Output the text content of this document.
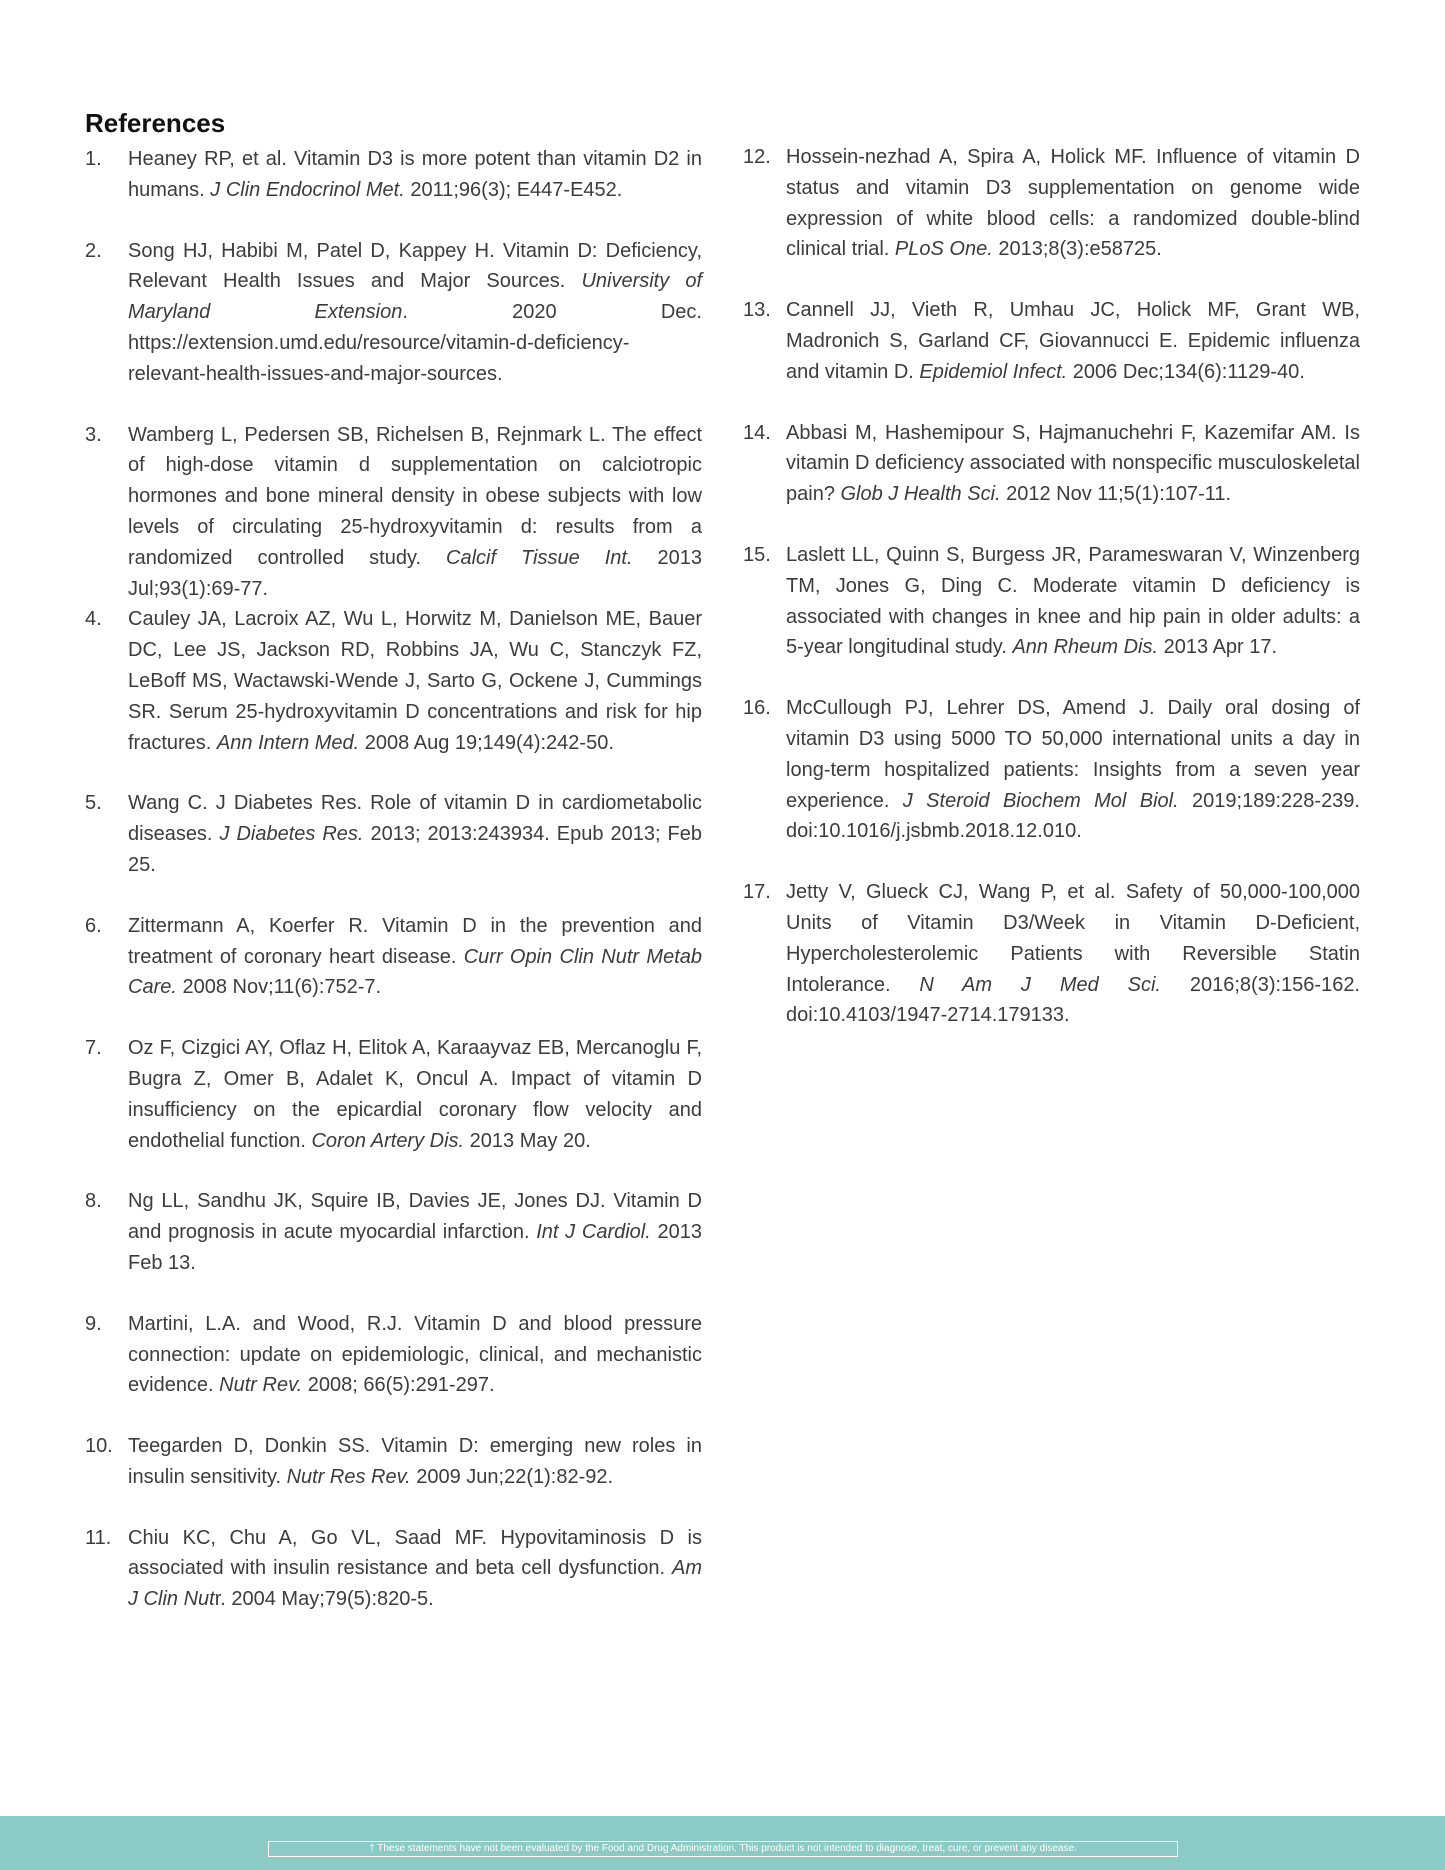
References

1. Heaney RP, et al. Vitamin D3 is more potent than vitamin D2 in humans. J Clin Endocrinol Met. 2011;96(3); E447-E452.

2. Song HJ, Habibi M, Patel D, Kappey H. Vitamin D: Deficiency, Relevant Health Issues and Major Sources. University of Maryland Extension. 2020 Dec. https://extension.umd.edu/resource/vitamin-d-deficiency-relevant-health-issues-and-major-sources.

3. Wamberg L, Pedersen SB, Richelsen B, Rejnmark L. The effect of high-dose vitamin d supplementation on calciotropic hormones and bone mineral density in obese subjects with low levels of circulating 25-hydroxyvitamin d: results from a randomized controlled study. Calcif Tissue Int. 2013 Jul;93(1):69-77.

4. Cauley JA, Lacroix AZ, Wu L, Horwitz M, Danielson ME, Bauer DC, Lee JS, Jackson RD, Robbins JA, Wu C, Stanczyk FZ, LeBoff MS, Wactawski-Wende J, Sarto G, Ockene J, Cummings SR. Serum 25-hydroxyvitamin D concentrations and risk for hip fractures. Ann Intern Med. 2008 Aug 19;149(4):242-50.

5. Wang C. J Diabetes Res. Role of vitamin D in cardiometabolic diseases. J Diabetes Res. 2013; 2013:243934. Epub 2013; Feb 25.

6. Zittermann A, Koerfer R. Vitamin D in the prevention and treatment of coronary heart disease. Curr Opin Clin Nutr Metab Care. 2008 Nov;11(6):752-7.

7. Oz F, Cizgici AY, Oflaz H, Elitok A, Karaayvaz EB, Mercanoglu F, Bugra Z, Omer B, Adalet K, Oncul A. Impact of vitamin D insufficiency on the epicardial coronary flow velocity and endothelial function. Coron Artery Dis. 2013 May 20.

8. Ng LL, Sandhu JK, Squire IB, Davies JE, Jones DJ. Vitamin D and prognosis in acute myocardial infarction. Int J Cardiol. 2013 Feb 13.

9. Martini, L.A. and Wood, R.J. Vitamin D and blood pressure connection: update on epidemiologic, clinical, and mechanistic evidence. Nutr Rev. 2008; 66(5):291-297.

10. Teegarden D, Donkin SS. Vitamin D: emerging new roles in insulin sensitivity. Nutr Res Rev. 2009 Jun;22(1):82-92.

11. Chiu KC, Chu A, Go VL, Saad MF. Hypovitaminosis D is associated with insulin resistance and beta cell dysfunction. Am J Clin Nutr. 2004 May;79(5):820-5.

12. Hossein-nezhad A, Spira A, Holick MF. Influence of vitamin D status and vitamin D3 supplementation on genome wide expression of white blood cells: a randomized double-blind clinical trial. PLoS One. 2013;8(3):e58725.

13. Cannell JJ, Vieth R, Umhau JC, Holick MF, Grant WB, Madronich S, Garland CF, Giovannucci E. Epidemic influenza and vitamin D. Epidemiol Infect. 2006 Dec;134(6):1129-40.

14. Abbasi M, Hashemipour S, Hajmanuchehri F, Kazemifar AM. Is vitamin D deficiency associated with nonspecific musculoskeletal pain? Glob J Health Sci. 2012 Nov 11;5(1):107-11.

15. Laslett LL, Quinn S, Burgess JR, Parameswaran V, Winzenberg TM, Jones G, Ding C. Moderate vitamin D deficiency is associated with changes in knee and hip pain in older adults: a 5-year longitudinal study. Ann Rheum Dis. 2013 Apr 17.

16. McCullough PJ, Lehrer DS, Amend J. Daily oral dosing of vitamin D3 using 5000 TO 50,000 international units a day in long-term hospitalized patients: Insights from a seven year experience. J Steroid Biochem Mol Biol. 2019;189:228-239. doi:10.1016/j.jsbmb.2018.12.010.

17. Jetty V, Glueck CJ, Wang P, et al. Safety of 50,000-100,000 Units of Vitamin D3/Week in Vitamin D-Deficient, Hypercholesterolemic Patients with Reversible Statin Intolerance. N Am J Med Sci. 2016;8(3):156-162. doi:10.4103/1947-2714.179133.

† These statements have not been evaluated by the Food and Drug Administration. This product is not intended to diagnose, treat, cure, or prevent any disease.
